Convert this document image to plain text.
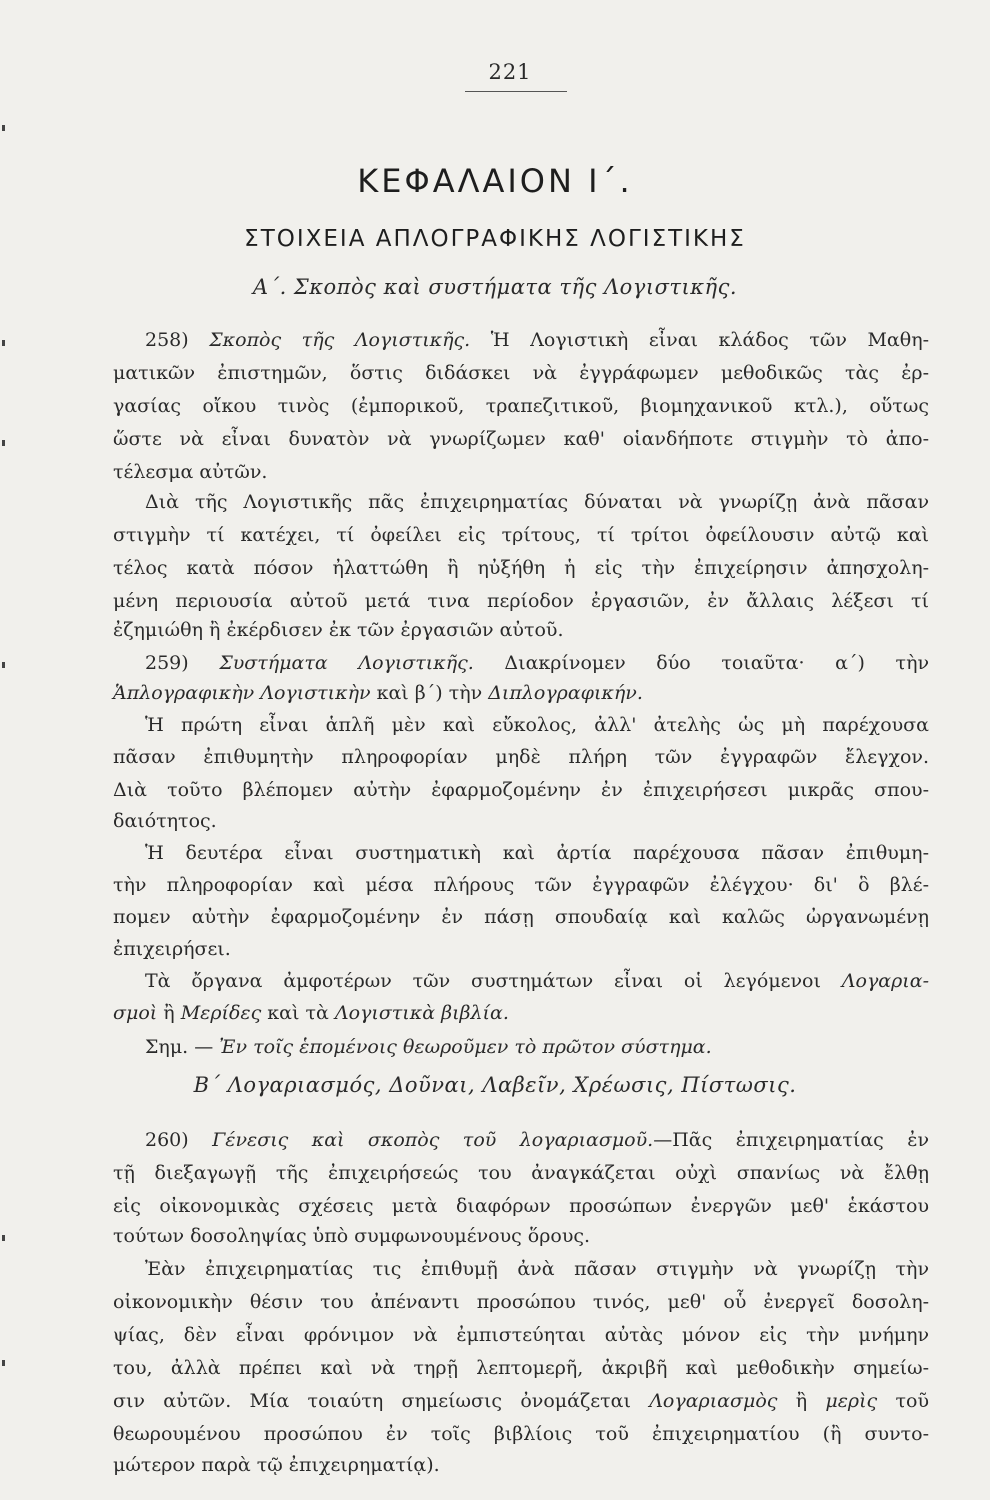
221
ΚΕΦΑΛΑΙΟΝ Ι΄.
ΣΤΟΙΧΕΙΑ ΑΠΛΟΓΡΑΦΙΚΗΣ ΛΟΓΙΣΤΙΚΗΣ
Α΄. Σκοπὸς καὶ συστήματα τῆς Λογιστικῆς.
Β΄ Λογαριασμός, Δοῦναι, Λαβεῖν, Χρέωσις, Πίστωσις.
258) Σκοπὸς τῆς Λογιστικῆς. Ἡ Λογιστικὴ εἶναι κλάδος τῶν Μαθη-
ματικῶν ἐπιστημῶν, ὅστις διδάσκει νὰ ἐγγράφωμεν μεθοδικῶς τὰς ἐρ-
γασίας οἴκου τινὸς (ἐμπορικοῦ, τραπεζιτικοῦ, βιομηχανικοῦ κτλ.), οὕτως
ὥστε νὰ εἶναι δυνατὸν νὰ γνωρίζωμεν καθ' οἱανδήποτε στιγμὴν τὸ ἀπο-
τέλεσμα αὐτῶν.
Διὰ τῆς Λογιστικῆς πᾶς ἐπιχειρηματίας δύναται νὰ γνωρίζῃ ἀνὰ πᾶσαν
στιγμὴν τί κατέχει, τί ὀφείλει εἰς τρίτους, τί τρίτοι ὀφείλουσιν αὐτῷ καὶ
τέλος κατὰ πόσον ἠλαττώθη ἢ ηὐξήθη ἡ εἰς τὴν ἐπιχείρησιν ἀπησχολη-
μένη περιουσία αὐτοῦ μετά τινα περίοδον ἐργασιῶν, ἐν ἄλλαις λέξεσι τί
ἐζημιώθη ἢ ἐκέρδισεν ἐκ τῶν ἐργασιῶν αὐτοῦ.
259) Συστήματα Λογιστικῆς. Διακρίνομεν δύο τοιαῦτα· α΄) τὴν
Ἁπλογραφικὴν Λογιστικὴν καὶ β΄) τὴν Διπλογραφικήν.
Ἡ πρώτη εἶναι ἁπλῆ μὲν καὶ εὔκολος, ἀλλ' ἀτελὴς ὡς μὴ παρέχουσα
πᾶσαν ἐπιθυμητὴν πληροφορίαν μηδὲ πλήρη τῶν ἐγγραφῶν ἔλεγχον.
Διὰ τοῦτο βλέπομεν αὐτὴν ἐφαρμοζομένην ἐν ἐπιχειρήσεσι μικρᾶς σπου-
δαιότητος.
Ἡ δευτέρα εἶναι συστηματικὴ καὶ ἀρτία παρέχουσα πᾶσαν ἐπιθυμη-
τὴν πληροφορίαν καὶ μέσα πλήρους τῶν ἐγγραφῶν ἐλέγχου· δι' ὃ βλέ-
πομεν αὐτὴν ἐφαρμοζομένην ἐν πάσῃ σπουδαίᾳ καὶ καλῶς ὠργανωμένῃ
ἐπιχειρήσει.
Τὰ ὄργανα ἀμφοτέρων τῶν συστημάτων εἶναι οἱ λεγόμενοι Λογαρια-
σμοὶ ἢ Μερίδες καὶ τὰ Λογιστικὰ βιβλία.
Σημ. — Ἐν τοῖς ἑπομένοις θεωροῦμεν τὸ πρῶτον σύστημα.
260) Γένεσις καὶ σκοπὸς τοῦ λογαριασμοῦ.—Πᾶς ἐπιχειρηματίας ἐν
τῇ διεξαγωγῇ τῆς ἐπιχειρήσεώς του ἀναγκάζεται οὐχὶ σπανίως νὰ ἔλθῃ
εἰς οἰκονομικὰς σχέσεις μετὰ διαφόρων προσώπων ἐνεργῶν μεθ' ἑκάστου
τούτων δοσοληψίας ὑπὸ συμφωνουμένους ὅρους.
Ἐὰν ἐπιχειρηματίας τις ἐπιθυμῇ ἀνὰ πᾶσαν στιγμὴν νὰ γνωρίζῃ τὴν
οἰκονομικὴν θέσιν του ἀπέναντι προσώπου τινός, μεθ' οὗ ἐνεργεῖ δοσολη-
ψίας, δὲν εἶναι φρόνιμον νὰ ἐμπιστεύηται αὐτὰς μόνον εἰς τὴν μνήμην
του, ἀλλὰ πρέπει καὶ νὰ τηρῇ λεπτομερῆ, ἀκριβῆ καὶ μεθοδικὴν σημείω-
σιν αὐτῶν. Μία τοιαύτη σημείωσις ὀνομάζεται Λογαριασμὸς ἢ μερὶς τοῦ
θεωρουμένου προσώπου ἐν τοῖς βιβλίοις τοῦ ἐπιχειρηματίου (ἢ συντο-
μώτερον παρὰ τῷ ἐπιχειρηματίᾳ).
